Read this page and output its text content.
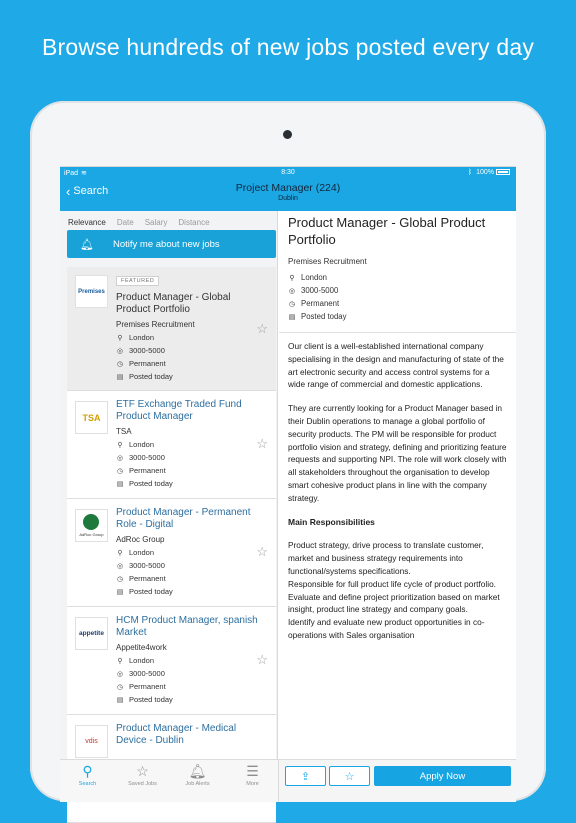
Browse hundreds of new jobs posted every day
iPad ≋	8:30	ᛒ 100%
‹ Search	Project Manager (224)
Dublin
Relevance Date Salary Distance
🔔︎	Notify me about new jobs
Premises
FEATURED
Product Manager - Global Product Portfolio
Premises Recruitment
⚲ London
◎ 3000-5000
◷ Permanent
▤ Posted today
☆
TSA
ETF Exchange Traded Fund Product Manager
TSA
⚲ London
◎ 3000-5000
◷ Permanent
▤ Posted today
☆
AdRoc Group
Product Manager - Permanent Role - Digital
AdRoc Group
⚲ London
◎ 3000-5000
◷ Permanent
▤ Posted today
☆
appetite
HCM Product Manager, spanish Market
Appetite4work
⚲ London
◎ 3000-5000
◷ Permanent
▤ Posted today
☆
vdis
Product Manager - Medical Device - Dublin
Product Manager - Global Product Portfolio
Premises Recruitment
⚲ London
◎ 3000-5000
◷ Permanent
▤ Posted today

Our client is a well-established international company specialising in the design and manufacturing of state of the art electronic security and access control systems for a wide range of commercial and domestic applications.

They are currently looking for a Product Manager based in their Dublin operations to manage a global portfolio of security products. The PM will be responsible for product portfolio vision and strategy, defining and prioritizing feature requests and supporting NPI. The role will work closely with all stakeholders throughout the organisation to develop smart cohesive product plans in line with the company strategy.

Main Responsibilities

Product strategy, drive process to translate customer, market and business strategy requirements into functional/systems specifications.

Responsible for full product life cycle of product portfolio.

Evaluate and define project prioritization based on market insight, product line strategy and company goals.

Identify and evaluate new product opportunities in co-operations with Sales organisation

⇪	☆	Apply Now
⚲
Search
☆
Saved Jobs
🔔︎
Job Alerts
☰
More
